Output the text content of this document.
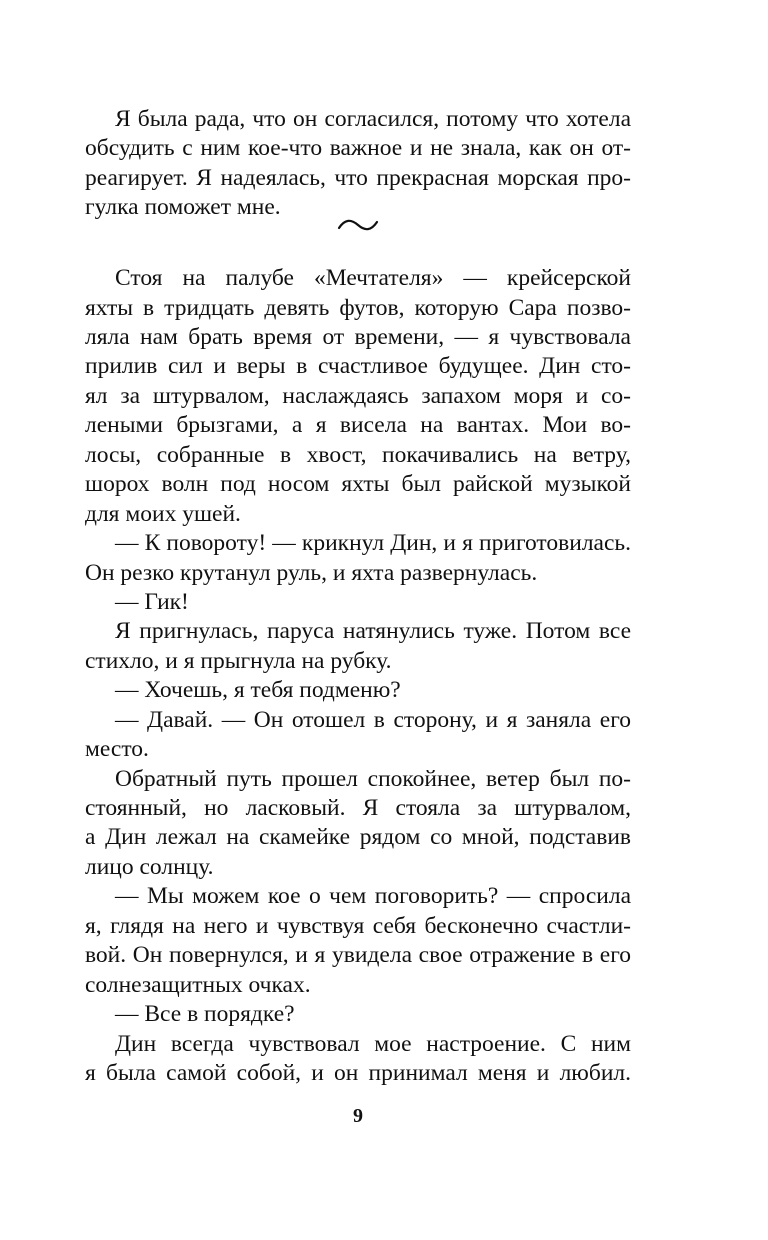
Я была рада, что он согласился, потому что хотела
обсудить с ним кое-что важное и не знала, как он от-
реагирует. Я надеялась, что прекрасная морская про-
гулка поможет мне.
Стоя на палубе «Мечтателя» — крейсерской
яхты в тридцать девять футов, которую Сара позво-
ляла нам брать время от времени, — я чувствовала
прилив сил и веры в счастливое будущее. Дин сто-
ял за штурвалом, наслаждаясь запахом моря и со-
леными брызгами, а я висела на вантах. Мои во-
лосы, собранные в хвост, покачивались на ветру,
шорох волн под носом яхты был райской музыкой
для моих ушей.
— К повороту! — крикнул Дин, и я приготовилась.
Он резко крутанул руль, и яхта развернулась.
— Гик!
Я пригнулась, паруса натянулись туже. Потом все
стихло, и я прыгнула на рубку.
— Хочешь, я тебя подменю?
— Давай. — Он отошел в сторону, и я заняла его
место.
Обратный путь прошел спокойнее, ветер был по-
стоянный, но ласковый. Я стояла за штурвалом,
а Дин лежал на скамейке рядом со мной, подставив
лицо солнцу.
— Мы можем кое о чем поговорить? — спросила
я, глядя на него и чувствуя себя бесконечно счастли-
вой. Он повернулся, и я увидела свое отражение в его
солнезащитных очках.
— Все в порядке?
Дин всегда чувствовал мое настроение. С ним
я была самой собой, и он принимал меня и любил.
9
